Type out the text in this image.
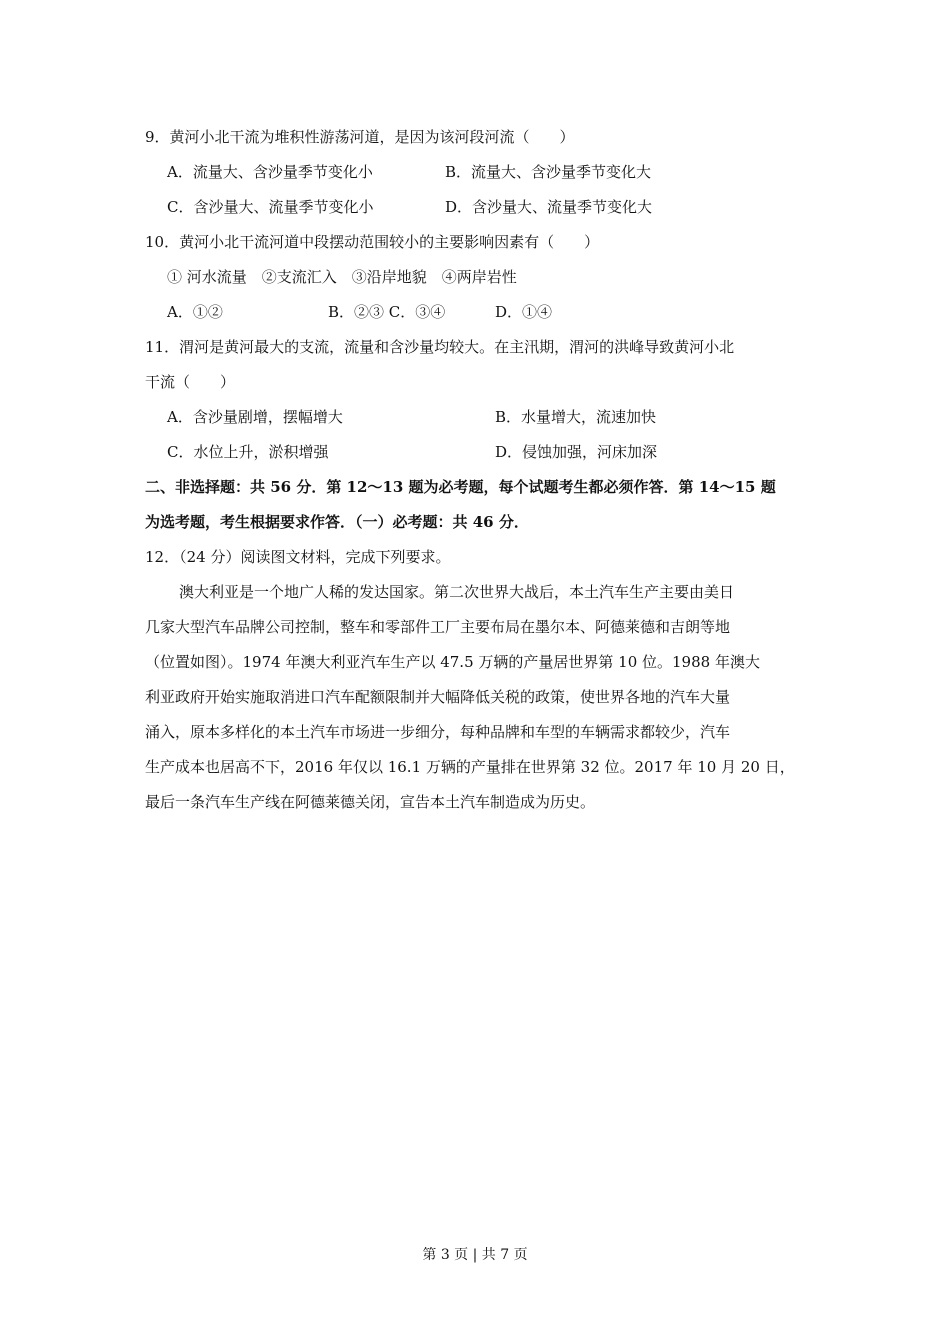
9．黄河小北干流为堆积性游荡河道，是因为该河段河流（　　）
A．流量大、含沙量季节变化小	B．流量大、含沙量季节变化大
C．含沙量大、流量季节变化小	D．含沙量大、流量季节变化大
10．黄河小北干流河道中段摆动范围较小的主要影响因素有（　　）
① 河水流量　②支流汇入　③沿岸地貌　④两岸岩性
A．①②	B．②③ C．③④	D．①④
11．渭河是黄河最大的支流，流量和含沙量均较大。在主汛期，渭河的洪峰导致黄河小北
干流（　　）
A．含沙量剧增，摆幅增大	B．水量增大，流速加快
C．水位上升，淤积增强	D．侵蚀加强，河床加深
二、非选择题：共 56 分．第 12～13 题为必考题，每个试题考生都必须作答．第 14～15 题
为选考题，考生根据要求作答．（一）必考题：共 46 分．
12．（24 分）阅读图文材料，完成下列要求。
澳大利亚是一个地广人稀的发达国家。第二次世界大战后，本土汽车生产主要由美日
几家大型汽车品牌公司控制，整车和零部件工厂主要布局在墨尔本、阿德莱德和吉朗等地
（位置如图）。1974 年澳大利亚汽车生产以 47.5 万辆的产量居世界第 10 位。1988 年澳大
利亚政府开始实施取消进口汽车配额限制并大幅降低关税的政策，使世界各地的汽车大量
涌入，原本多样化的本土汽车市场进一步细分，每种品牌和车型的车辆需求都较少，汽车
生产成本也居高不下，2016 年仅以 16.1 万辆的产量排在世界第 32 位。2017 年 10 月 20 日，
最后一条汽车生产线在阿德莱德关闭，宣告本土汽车制造成为历史。
第 3 页 | 共 7 页
